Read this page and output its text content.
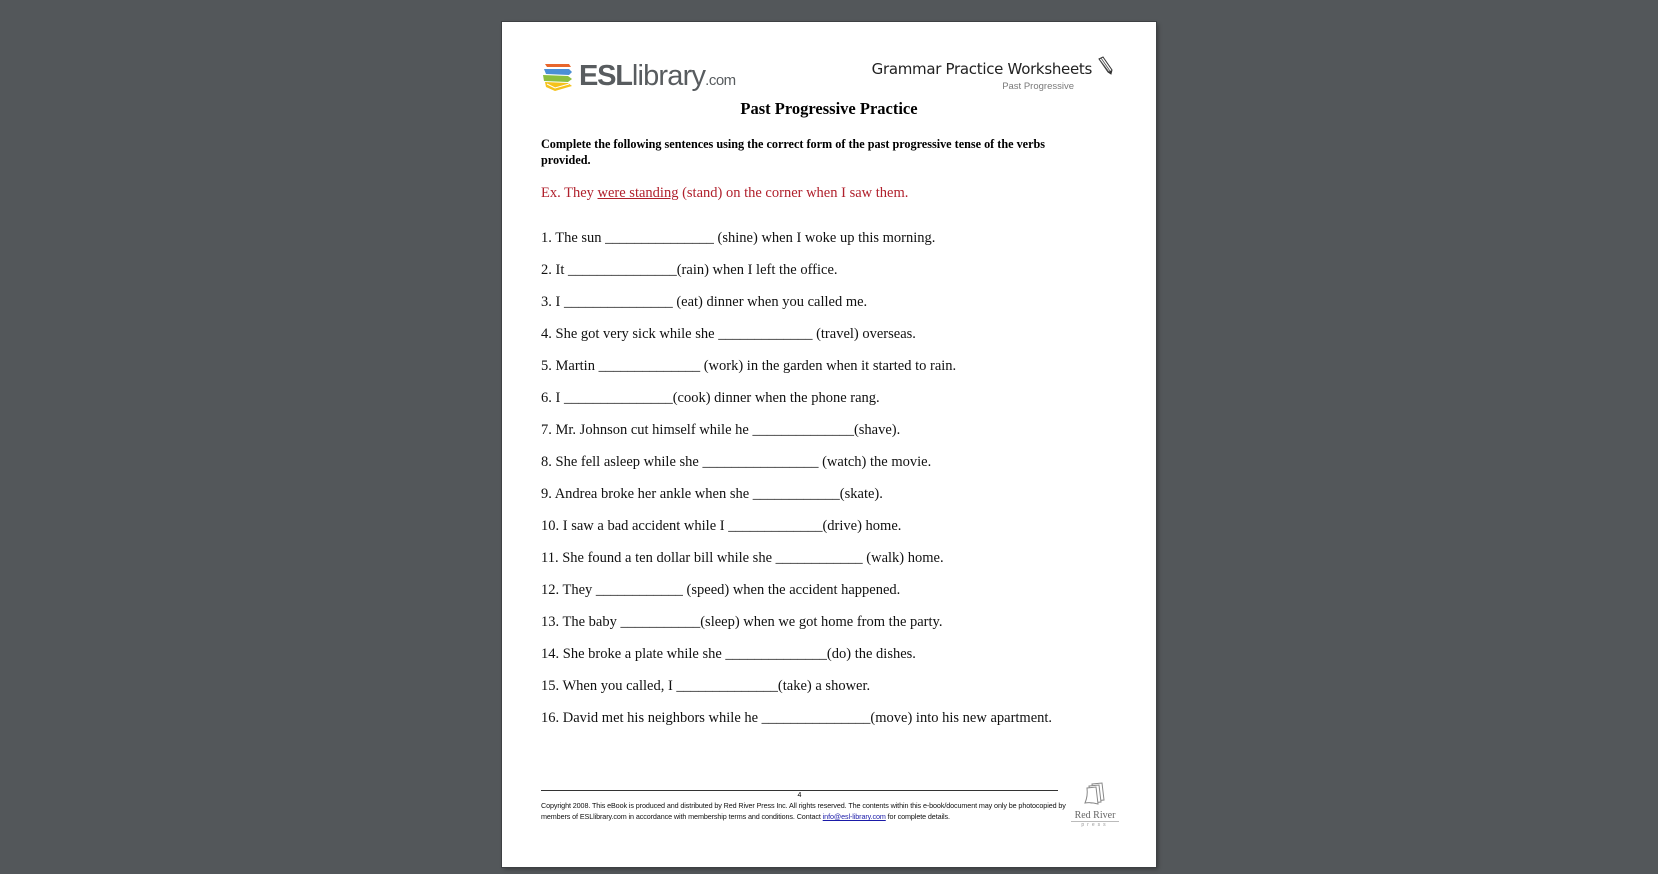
ESLlibrary.com
Grammar Practice Worksheets
Past Progressive
Past Progressive Practice
Complete the following sentences using the correct form of the past progressive tense of the verbs provided.
Ex. They were standing (stand) on the corner when I saw them.
1. The sun _______________ (shine) when I woke up this morning.
2. It _______________(rain) when I left the office.
3. I _______________ (eat) dinner when you called me.
4. She got very sick while she _____________ (travel) overseas.
5. Martin ______________ (work) in the garden when it started to rain.
6. I _______________(cook) dinner when the phone rang.
7. Mr. Johnson cut himself while he ______________(shave).
8. She fell asleep while she ________________ (watch) the movie.
9. Andrea broke her ankle when she ____________(skate).
10. I saw a bad accident while I _____________(drive) home.
11. She found a ten dollar bill while she ____________ (walk) home.
12. They ____________ (speed) when the accident happened.
13. The baby ___________(sleep) when we got home from the party.
14. She broke a plate while she ______________(do) the dishes.
15. When you called, I ______________(take) a shower.
16. David met his neighbors while he _______________(move) into his new apartment.
4
Copyright 2008. This eBook is produced and distributed by Red River Press Inc. All rights reserved. The contents within this e-book/document may only be photocopied by members of ESLlibrary.com in accordance with membership terms and conditions. Contact info@esl-library.com for complete details.	Red River
press
